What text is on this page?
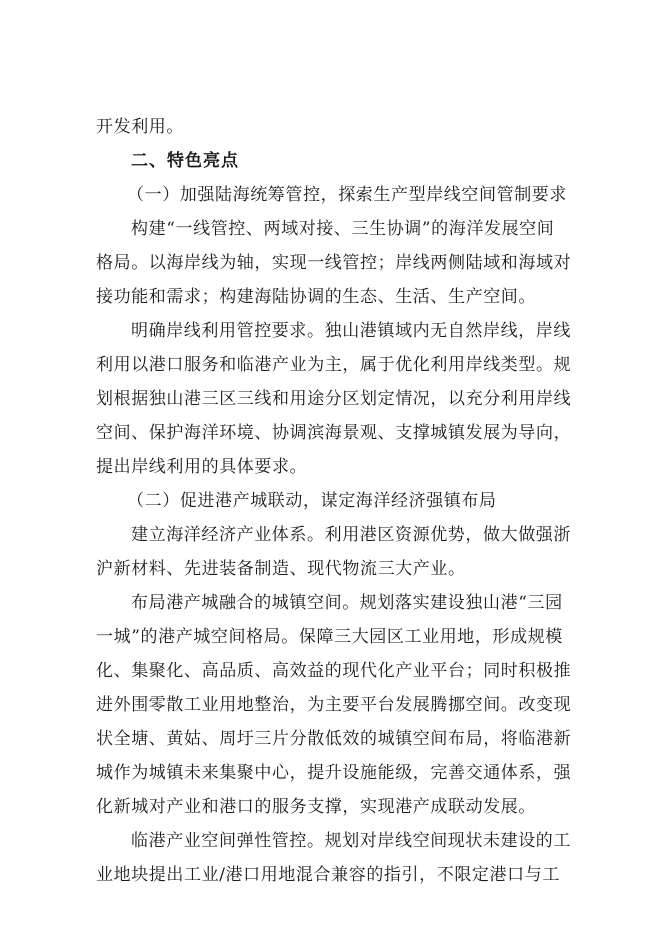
开发利用。
二、特色亮点
（一）加强陆海统筹管控，探索生产型岸线空间管制要求
构建“一线管控、两域对接、三生协调”的海洋发展空间
格局。以海岸线为轴，实现一线管控；岸线两侧陆域和海域对
接功能和需求；构建海陆协调的生态、生活、生产空间。
明确岸线利用管控要求。独山港镇域内无自然岸线，岸线
利用以港口服务和临港产业为主，属于优化利用岸线类型。规
划根据独山港三区三线和用途分区划定情况，以充分利用岸线
空间、保护海洋环境、协调滨海景观、支撑城镇发展为导向，
提出岸线利用的具体要求。
（二）促进港产城联动，谋定海洋经济强镇布局
建立海洋经济产业体系。利用港区资源优势，做大做强浙
沪新材料、先进装备制造、现代物流三大产业。
布局港产城融合的城镇空间。规划落实建设独山港“三园
一城”的港产城空间格局。保障三大园区工业用地，形成规模
化、集聚化、高品质、高效益的现代化产业平台；同时积极推
进外围零散工业用地整治，为主要平台发展腾挪空间。改变现
状全塘、黄姑、周圩三片分散低效的城镇空间布局，将临港新
城作为城镇未来集聚中心，提升设施能级，完善交通体系，强
化新城对产业和港口的服务支撑，实现港产成联动发展。
临港产业空间弹性管控。规划对岸线空间现状未建设的工
业地块提出工业/港口用地混合兼容的指引，不限定港口与工
